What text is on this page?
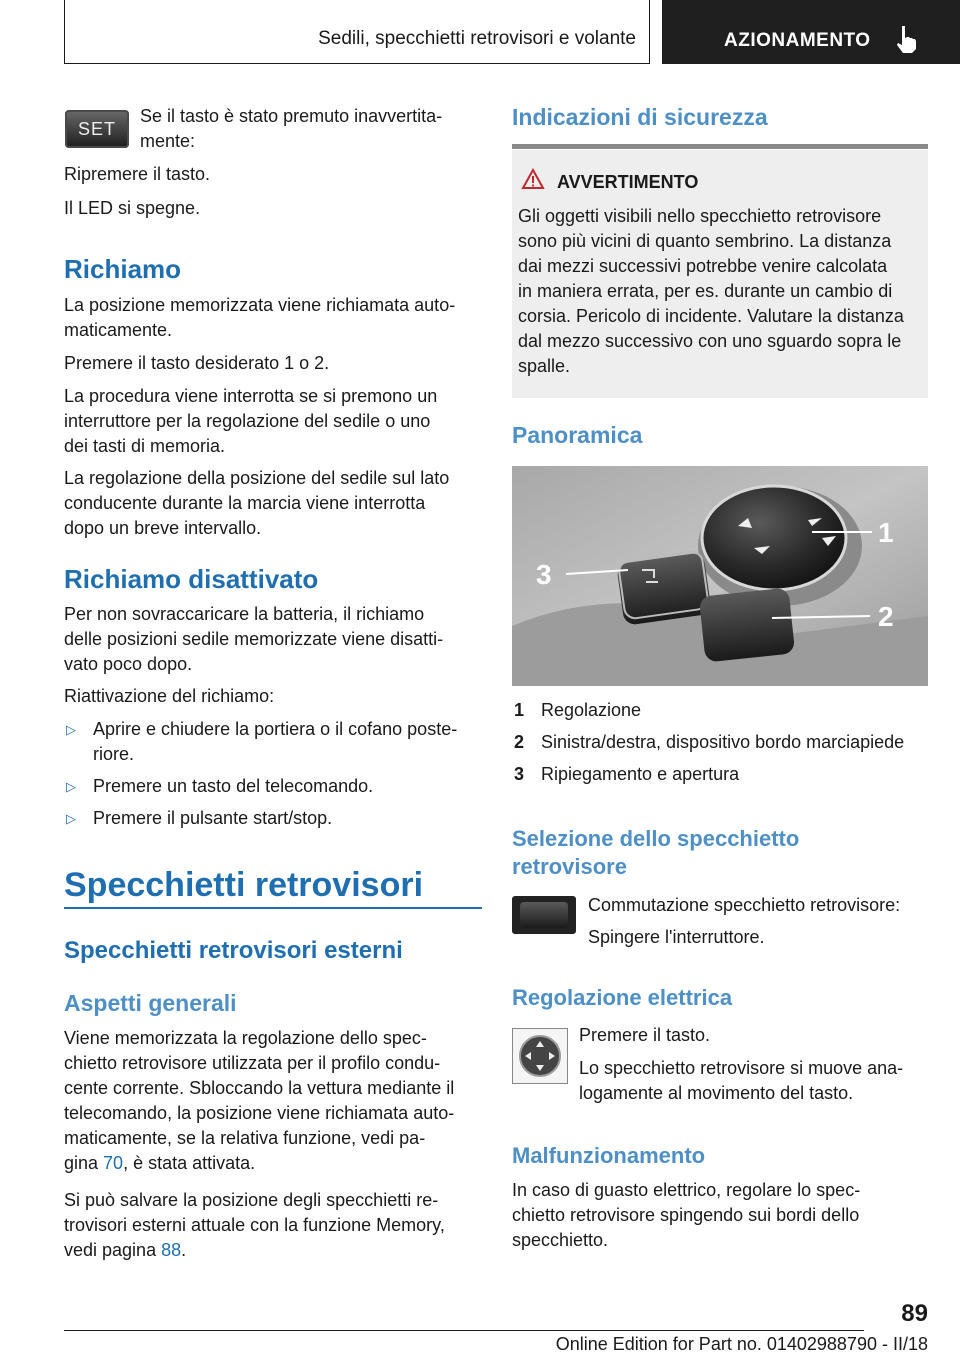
Sedili, specchietti retrovisori e volante	AZIONAMENTO
SET

Se il tasto è stato premuto inavvertita-
mente:

Ripremere il tasto.

Il LED si spegne.

Richiamo

La posizione memorizzata viene richiamata auto-
maticamente.

Premere il tasto desiderato 1 o 2.

La procedura viene interrotta se si premono un
interruttore per la regolazione del sedile o uno
dei tasti di memoria.

La regolazione della posizione del sedile sul lato
conducente durante la marcia viene interrotta
dopo un breve intervallo.

Richiamo disattivato

Per non sovraccaricare la batteria, il richiamo
delle posizioni sedile memorizzate viene disatti-
vato poco dopo.

Riattivazione del richiamo:

▷ Aprire e chiudere la portiera o il cofano poste-
riore.

▷ Premere un tasto del telecomando.

▷ Premere il pulsante start/stop.

Specchietti retrovisori
Specchietti retrovisori esterni
Aspetti generali

Viene memorizzata la regolazione dello spec-
chietto retrovisore utilizzata per il profilo condu-
cente corrente. Sbloccando la vettura mediante il
telecomando, la posizione viene richiamata auto-
maticamente, se la relativa funzione, vedi pa-
gina 70, è stata attivata.

Si può salvare la posizione degli specchietti re-
trovisori esterni attuale con la funzione Memory,
vedi pagina 88.

Indicazioni di sicurezza
AVVERTIMENTO

Gli oggetti visibili nello specchietto retrovisore
sono più vicini di quanto sembrino. La distanza
dai mezzi successivi potrebbe venire calcolata
in maniera errata, per es. durante un cambio di
corsia. Pericolo di incidente. Valutare la distanza
dal mezzo successivo con uno sguardo sopra le
spalle.

Panoramica
1
2
3
1 Regolazione
2 Sinistra/destra, dispositivo bordo marciapiede
3 Ripiegamento e apertura
Selezione dello specchietto
retrovisore

Commutazione specchietto retrovisore:

Spingere l'interruttore.

Regolazione elettrica

Premere il tasto.

Lo specchietto retrovisore si muove ana-
logamente al movimento del tasto.

Malfunzionamento

In caso di guasto elettrico, regolare lo spec-
chietto retrovisore spingendo sui bordi dello
specchietto.

89
Online Edition for Part no. 01402988790 - II/18
